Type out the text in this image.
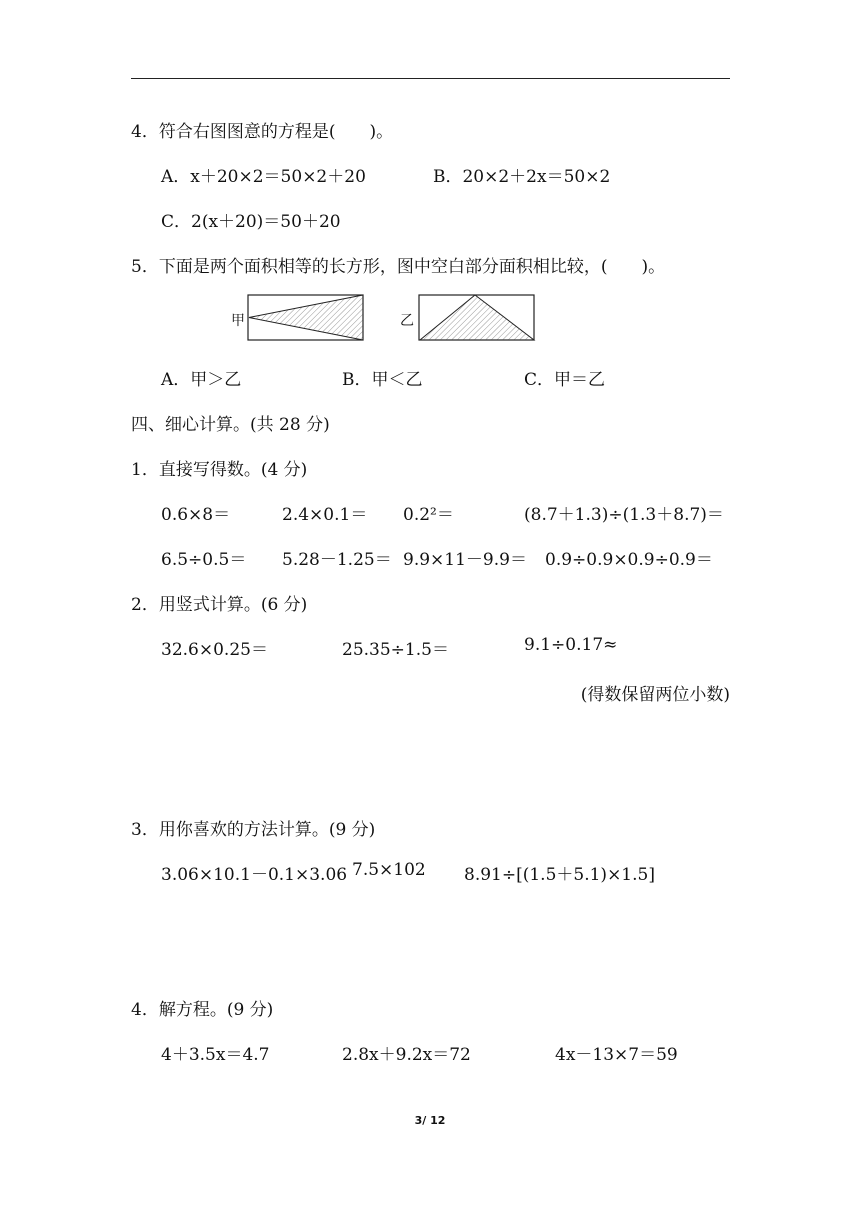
4．符合右图图意的方程是(　　)。
A．x＋20×2＝50×2＋20	B．20×2＋2x＝50×2
C．2(x＋20)＝50＋20
5．下面是两个面积相等的长方形，图中空白部分面积相比较，(　　)。
甲	乙
A．甲＞乙	B．甲＜乙	C．甲＝乙
四、细心计算。(共 28 分)
1．直接写得数。(4 分)
0.6×8＝	2.4×0.1＝ 0.2²＝	(8.7＋1.3)÷(1.3＋8.7)＝
6.5÷0.5＝ 5.28－1.25＝ 9.9×11－9.9＝ 0.9÷0.9×0.9÷0.9＝
2．用竖式计算。(6 分)
32.6×0.25＝	25.35÷1.5＝	9.1÷0.17≈
(得数保留两位小数)
3．用你喜欢的方法计算。(9 分)
3.06×10.1－0.1×3.06 7.5×102 8.91÷[(1.5＋5.1)×1.5]
4．解方程。(9 分)
4＋3.5x＝4.7	2.8x＋9.2x＝72	4x－13×7＝59
3/ 12
